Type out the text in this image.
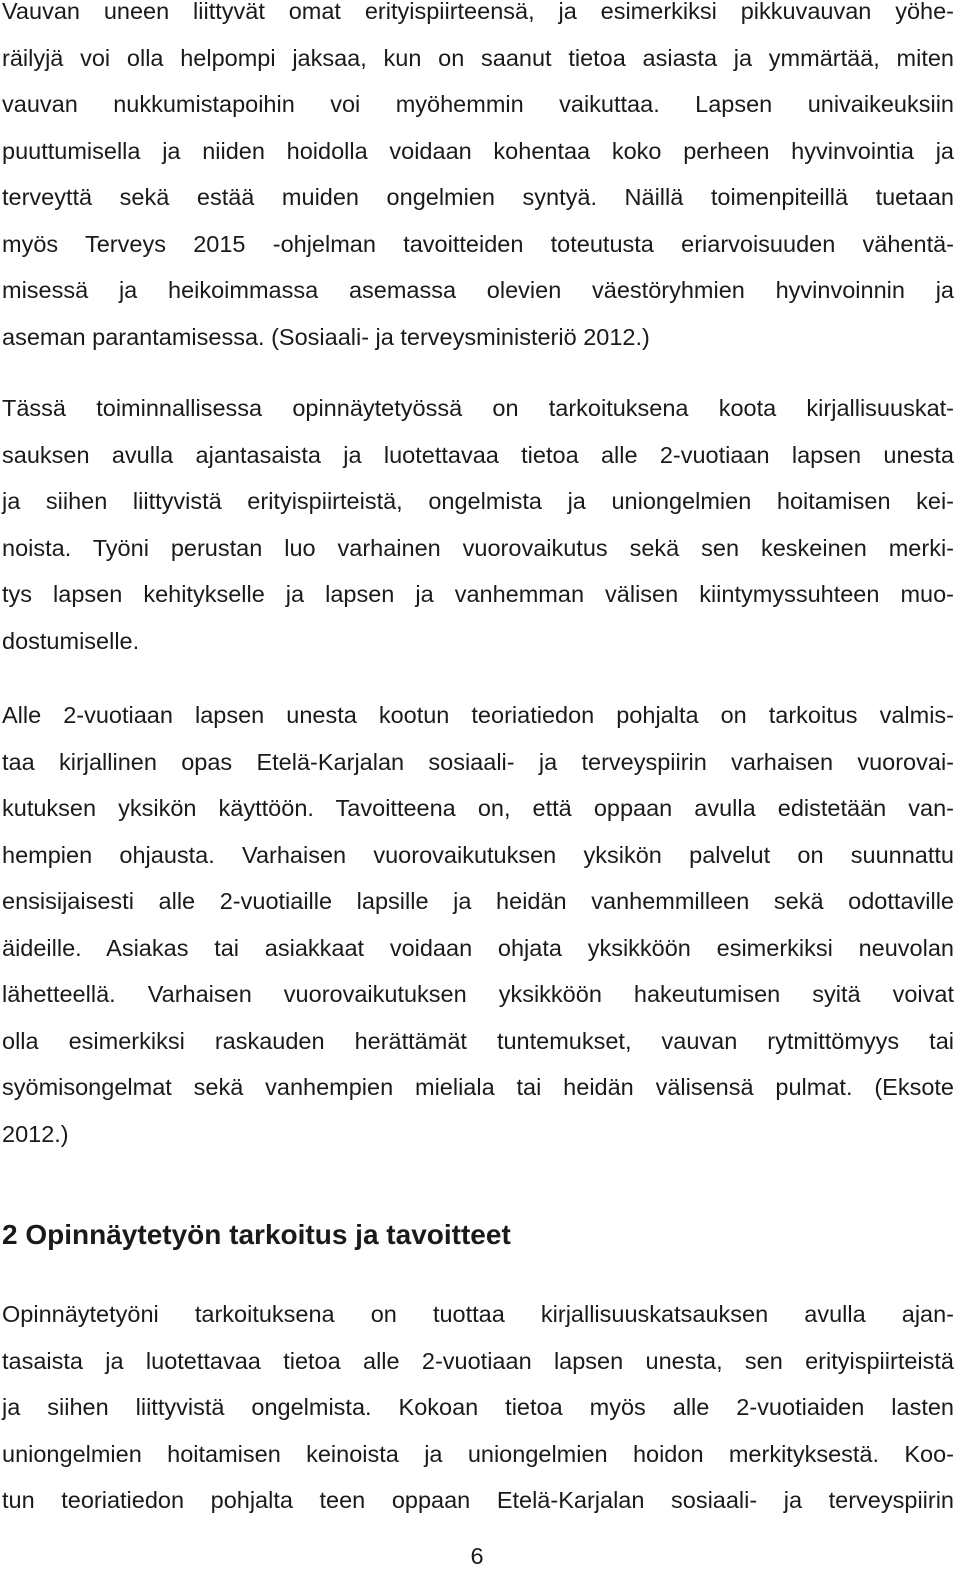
Vauvan uneen liittyvät omat erityispiirteensä, ja esimerkiksi pikkuvauvan yöhe-
räilyjä voi olla helpompi jaksaa, kun on saanut tietoa asiasta ja ymmärtää, miten
vauvan nukkumistapoihin voi myöhemmin vaikuttaa. Lapsen univaikeuksiin
puuttumisella ja niiden hoidolla voidaan kohentaa koko perheen hyvinvointia ja
terveyttä sekä estää muiden ongelmien syntyä. Näillä toimenpiteillä tuetaan
myös Terveys 2015 -ohjelman tavoitteiden toteutusta eriarvoisuuden vähentä-
misessä ja heikoimmassa asemassa olevien väestöryhmien hyvinvoinnin ja
aseman parantamisessa. (Sosiaali- ja terveysministeriö 2012.)

Tässä toiminnallisessa opinnäytetyössä on tarkoituksena koota kirjallisuuskat-
sauksen avulla ajantasaista ja luotettavaa tietoa alle 2-vuotiaan lapsen unesta
ja siihen liittyvistä erityispiirteistä, ongelmista ja uniongelmien hoitamisen kei-
noista. Työni perustan luo varhainen vuorovaikutus sekä sen keskeinen merki-
tys lapsen kehitykselle ja lapsen ja vanhemman välisen kiintymyssuhteen muo-
dostumiselle.

Alle 2-vuotiaan lapsen unesta kootun teoriatiedon pohjalta on tarkoitus valmis-
taa kirjallinen opas Etelä-Karjalan sosiaali- ja terveyspiirin varhaisen vuorovai-
kutuksen yksikön käyttöön. Tavoitteena on, että oppaan avulla edistetään van-
hempien ohjausta. Varhaisen vuorovaikutuksen yksikön palvelut on suunnattu
ensisijaisesti alle 2-vuotiaille lapsille ja heidän vanhemmilleen sekä odottaville
äideille. Asiakas tai asiakkaat voidaan ohjata yksikköön esimerkiksi neuvolan
lähetteellä. Varhaisen vuorovaikutuksen yksikköön hakeutumisen syitä voivat
olla esimerkiksi raskauden herättämät tuntemukset, vauvan rytmittömyys tai
syömisongelmat sekä vanhempien mieliala tai heidän välisensä pulmat. (Eksote
2012.)

2 Opinnäytetyön tarkoitus ja tavoitteet

Opinnäytetyöni tarkoituksena on tuottaa kirjallisuuskatsauksen avulla ajan-
tasaista ja luotettavaa tietoa alle 2-vuotiaan lapsen unesta, sen erityispiirteistä
ja siihen liittyvistä ongelmista. Kokoan tietoa myös alle 2-vuotiaiden lasten
uniongelmien hoitamisen keinoista ja uniongelmien hoidon merkityksestä. Koo-
tun teoriatiedon pohjalta teen oppaan Etelä-Karjalan sosiaali- ja terveyspiirin

6
